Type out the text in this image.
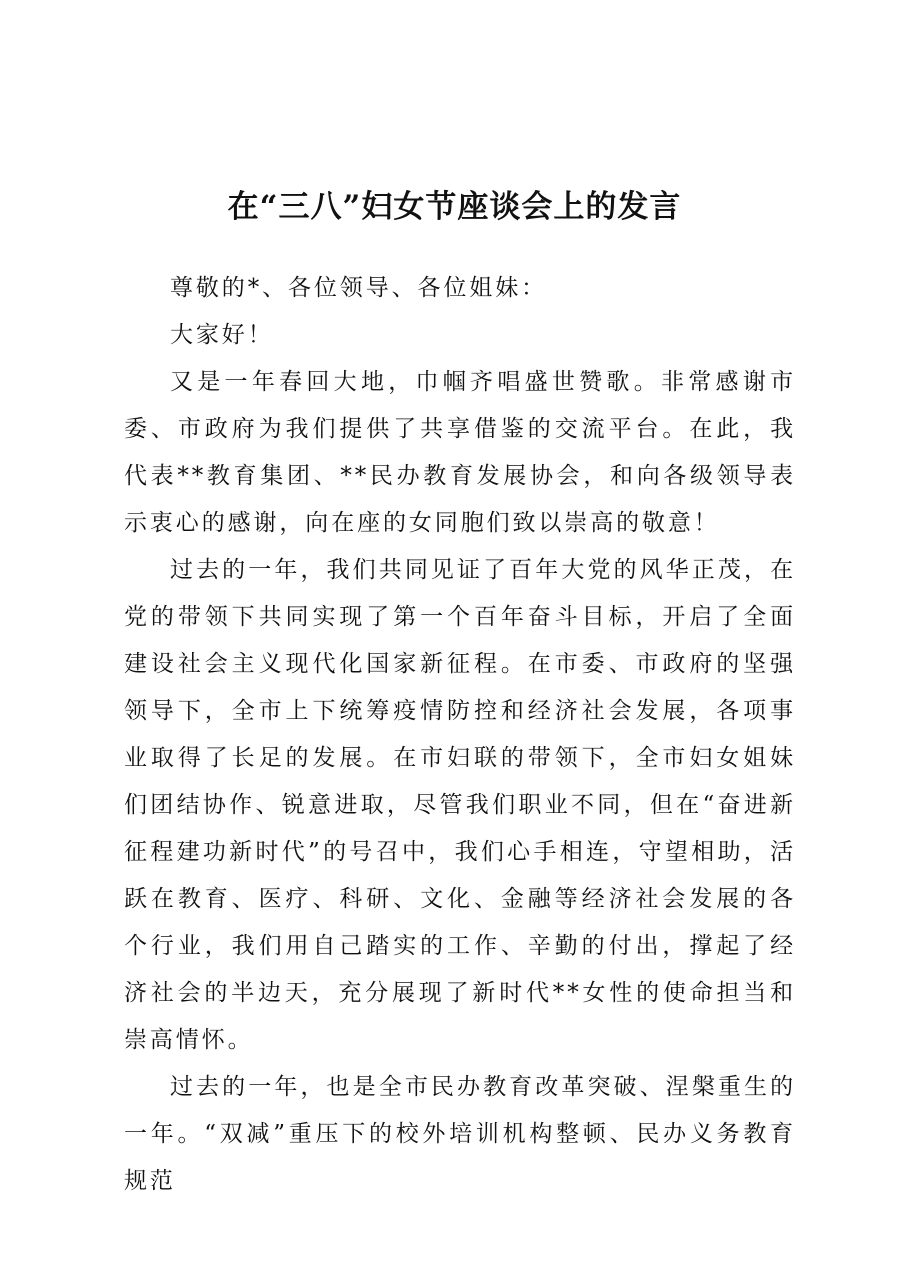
在“三八”妇女节座谈会上的发言

尊敬的*、各位领导、各位姐妹：

大家好！

又是一年春回大地，巾帼齐唱盛世赞歌。非常感谢市委、市政府为我们提供了共享借鉴的交流平台。在此，我代表**教育集团、**民办教育发展协会，和向各级领导表示衷心的感谢，向在座的女同胞们致以崇高的敬意！

过去的一年，我们共同见证了百年大党的风华正茂，在党的带领下共同实现了第一个百年奋斗目标，开启了全面建设社会主义现代化国家新征程。在市委、市政府的坚强领导下，全市上下统筹疫情防控和经济社会发展，各项事业取得了长足的发展。在市妇联的带领下，全市妇女姐妹们团结协作、锐意进取，尽管我们职业不同，但在“奋进新征程建功新时代”的号召中，我们心手相连，守望相助，活跃在教育、医疗、科研、文化、金融等经济社会发展的各个行业，我们用自己踏实的工作、辛勤的付出，撑起了经济社会的半边天，充分展现了新时代**女性的使命担当和崇高情怀。

过去的一年，也是全市民办教育改革突破、涅槃重生的一年。“双减”重压下的校外培训机构整顿、民办义务教育规范
